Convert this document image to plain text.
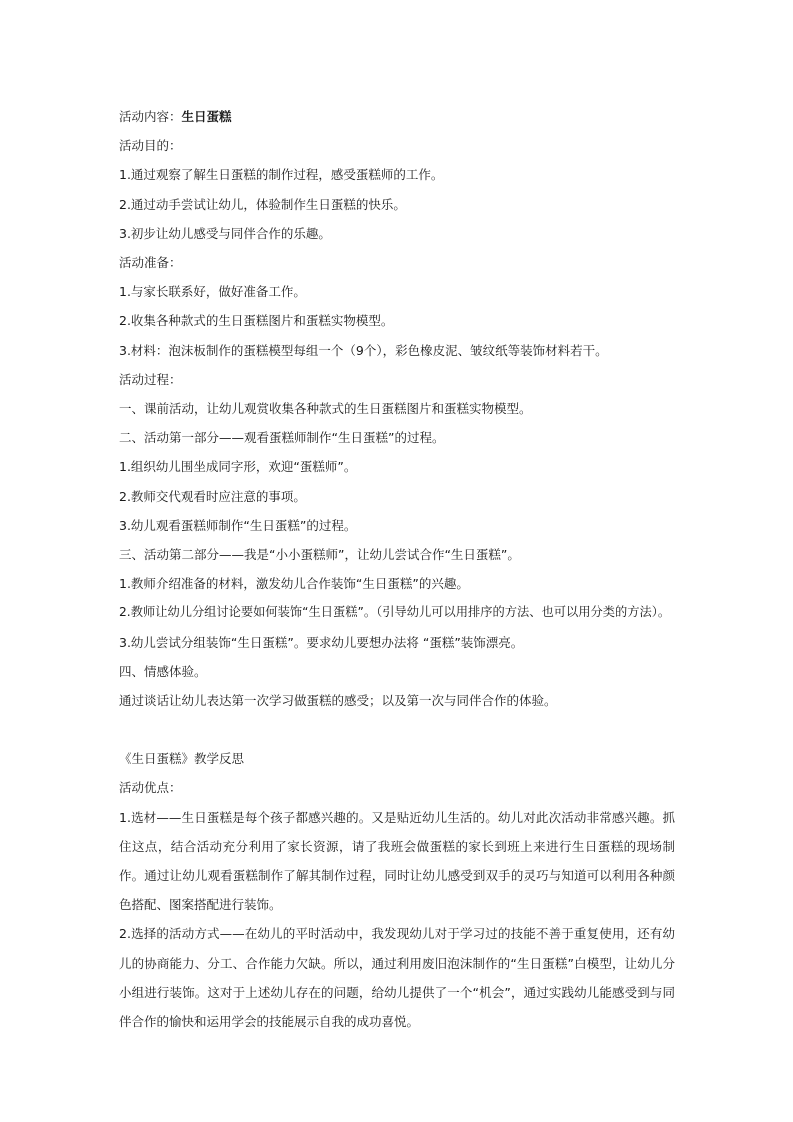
活动内容：生日蛋糕
活动目的：
1.通过观察了解生日蛋糕的制作过程，感受蛋糕师的工作。
2.通过动手尝试让幼儿，体验制作生日蛋糕的快乐。
3.初步让幼儿感受与同伴合作的乐趣。
活动准备：
1.与家长联系好，做好准备工作。
2.收集各种款式的生日蛋糕图片和蛋糕实物模型。
3.材料：泡沫板制作的蛋糕模型每组一个（9个），彩色橡皮泥、皱纹纸等装饰材料若干。
活动过程：
一、课前活动，让幼儿观赏收集各种款式的生日蛋糕图片和蛋糕实物模型。
二、活动第一部分——观看蛋糕师制作“生日蛋糕”的过程。
1.组织幼儿围坐成同字形，欢迎“蛋糕师”。
2.教师交代观看时应注意的事项。
3.幼儿观看蛋糕师制作“生日蛋糕”的过程。
三、活动第二部分——我是“小小蛋糕师”，让幼儿尝试合作“生日蛋糕”。
1.教师介绍准备的材料，激发幼儿合作装饰“生日蛋糕”的兴趣。
2.教师让幼儿分组讨论要如何装饰“生日蛋糕”。（引导幼儿可以用排序的方法、也可以用分类的方法）。
3.幼儿尝试分组装饰“生日蛋糕”。要求幼儿要想办法将 “蛋糕”装饰漂亮。
四、情感体验。
通过谈话让幼儿表达第一次学习做蛋糕的感受；以及第一次与同伴合作的体验。
《生日蛋糕》教学反思
活动优点：
1.选材——生日蛋糕是每个孩子都感兴趣的。又是贴近幼儿生活的。幼儿对此次活动非常感兴趣。抓住这点，结合活动充分利用了家长资源，请了我班会做蛋糕的家长到班上来进行生日蛋糕的现场制作。通过让幼儿观看蛋糕制作了解其制作过程，同时让幼儿感受到双手的灵巧与知道可以利用各种颜色搭配、图案搭配进行装饰。
2.选择的活动方式——在幼儿的平时活动中，我发现幼儿对于学习过的技能不善于重复使用，还有幼儿的协商能力、分工、合作能力欠缺。所以，通过利用废旧泡沫制作的“生日蛋糕”白模型，让幼儿分小组进行装饰。这对于上述幼儿存在的问题，给幼儿提供了一个“机会”，通过实践幼儿能感受到与同伴合作的愉快和运用学会的技能展示自我的成功喜悦。
